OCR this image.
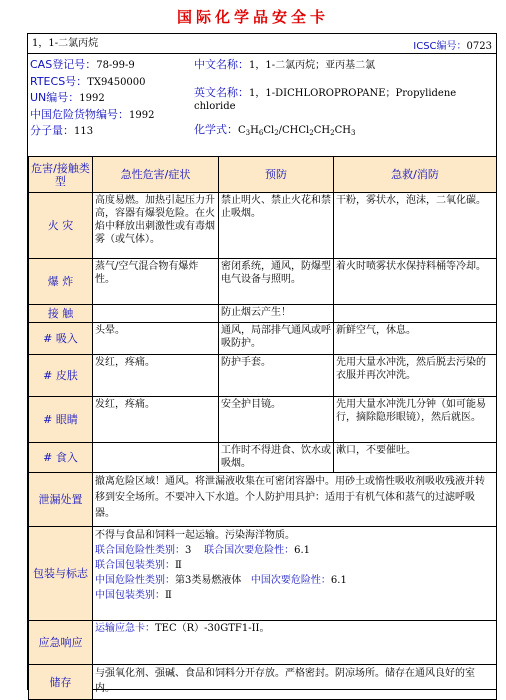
国际化学品安全卡
1，1-二氯丙烷	ICSC编号：0723
CAS登记号：78-99-9
RTECS号：TX9450000
UN编号：1992
中国危险货物编号：1992
分子量：113
中文名称：1，1-二氯丙烷；亚丙基二氯
英文名称：1，1-DICHLOROPROPANE；Propylidene chloride
化学式：$C_3H_6Cl_2/CHCl_2CH_2CH_3$
危害/接触类型	急性危害/症状	预防	急救/消防
火 灾	高度易燃。加热引起压力升高，容器有爆裂危险。在火焰中释放出刺激性或有毒烟雾（或气体）。	禁止明火、禁止火花和禁止吸烟。	干粉，雾状水，泡沫，二氧化碳。
爆 炸	蒸气/空气混合物有爆炸性。	密闭系统，通风，防爆型电气设备与照明。	着火时喷雾状水保持料桶等冷却。
接 触		防止烟云产生！	
# 吸入	头晕。	通风，局部排气通风或呼吸防护。	新鲜空气，休息。
# 皮肤	发红，疼痛。	防护手套。	先用大量水冲洗，然后脱去污染的衣服并再次冲洗。
# 眼睛	发红，疼痛。	安全护目镜。	先用大量水冲洗几分钟（如可能易行，摘除隐形眼镜），然后就医。
# 食入		工作时不得进食、饮水或吸烟。	漱口，不要催吐。
泄漏处置	撤离危险区域！通风。将泄漏液收集在可密闭容器中。用砂土或惰性吸收剂吸收残液并转移到安全场所。不要冲入下水道。个人防护用具护：适用于有机气体和蒸气的过滤呼吸器。		
包装与标志	不得与食品和饲料一起运输。污染海洋物质。
联合国危险性类别：3 联合国次要危险性：6.1
联合国包装类别：Ⅱ
中国危险性类别：第3类易燃液体 中国次要危险性：6.1
中国包装类别：Ⅱ		

应急响应	运输应急卡：TEC（R）-30GTF1-II。		
储存	与强氧化剂、强碱、食品和饲料分开存放。严格密封。阴凉场所。储存在通风良好的室内。		
